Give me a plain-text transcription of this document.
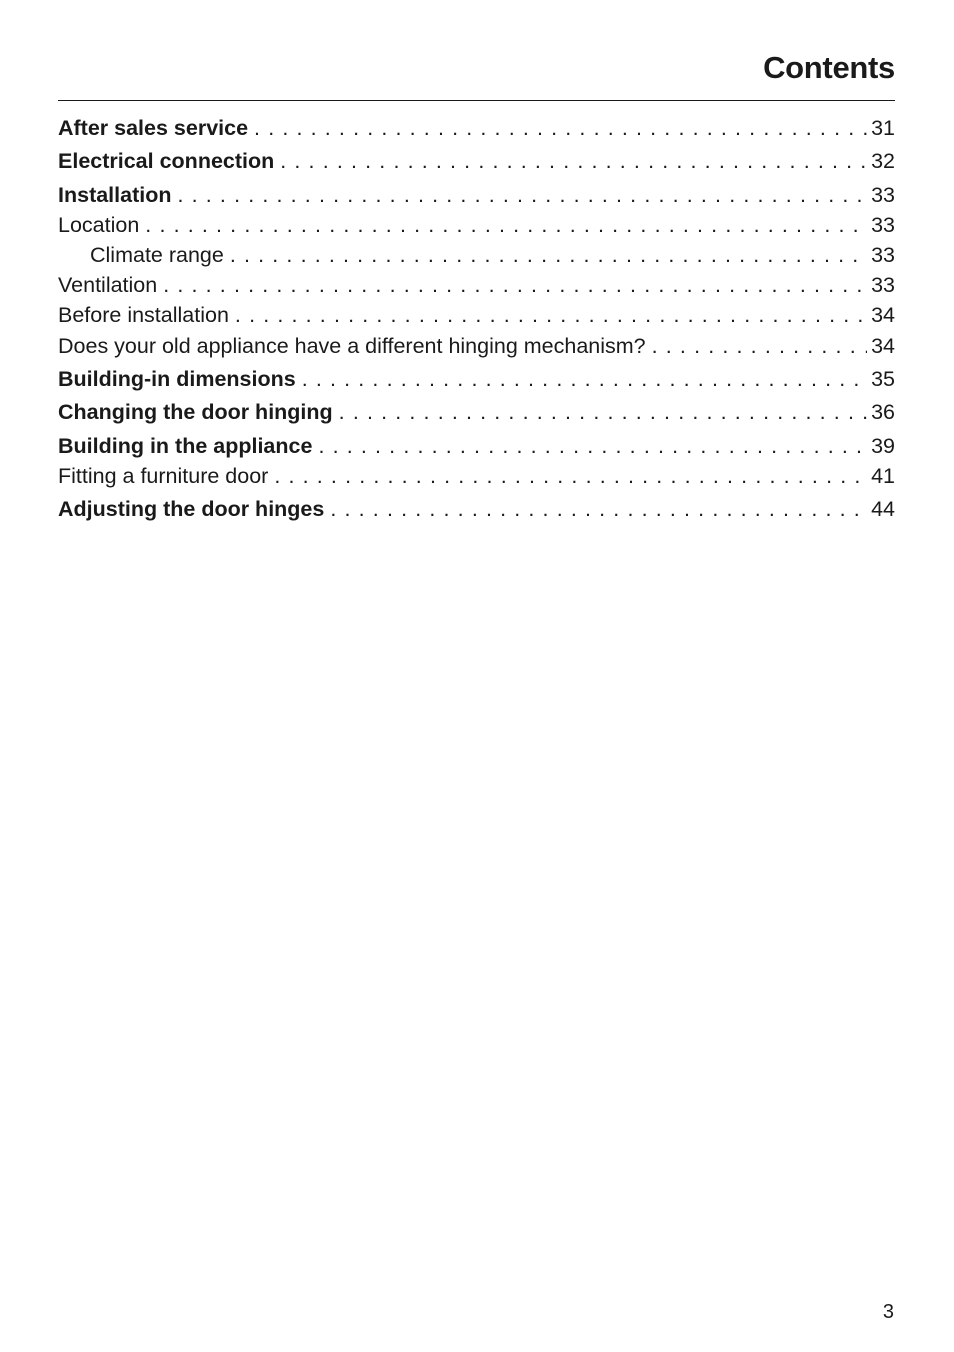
Contents
After sales service . . .	31
Electrical connection . . .	32
Installation . . .	33
Location . . .	33
Climate range . . .	33
Ventilation . . .	33
Before installation . . .	34
Does your old appliance have a different hinging mechanism? . . .	34
Building-in dimensions . . .	35
Changing the door hinging . . .	36
Building in the appliance . . .	39
Fitting a furniture door . . .	41
Adjusting the door hinges . . .	44
3
